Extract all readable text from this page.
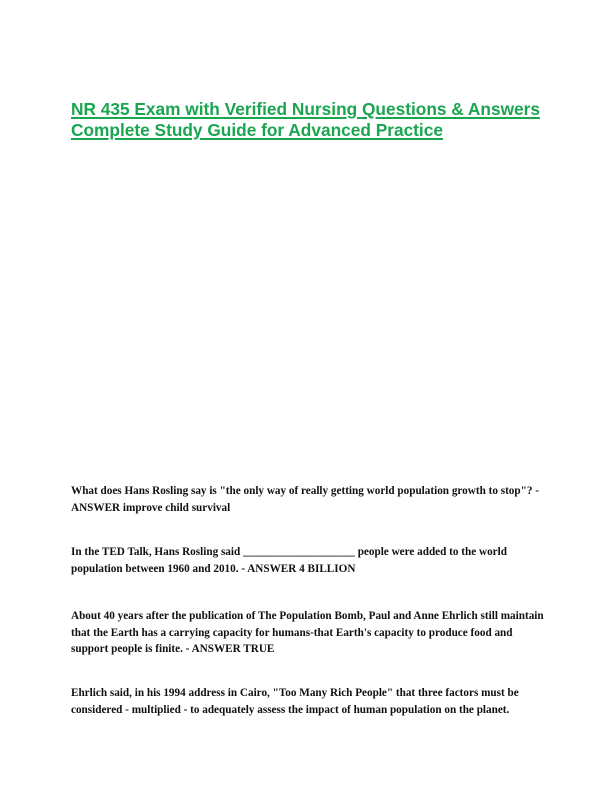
NR 435 Exam with Verified Nursing Questions & Answers
Complete Study Guide for Advanced Practice
What does Hans Rosling say is "the only way of really getting world population growth to stop"? -
ANSWER improve child survival
In the TED Talk, Hans Rosling said ____________________ people were added to the world
population between 1960 and 2010. - ANSWER 4 BILLION
About 40 years after the publication of The Population Bomb, Paul and Anne Ehrlich still maintain
that the Earth has a carrying capacity for humans-that Earth's capacity to produce food and
support people is finite. - ANSWER TRUE
Ehrlich said, in his 1994 address in Cairo, "Too Many Rich People" that three factors must be
considered - multiplied - to adequately assess the impact of human population on the planet.
